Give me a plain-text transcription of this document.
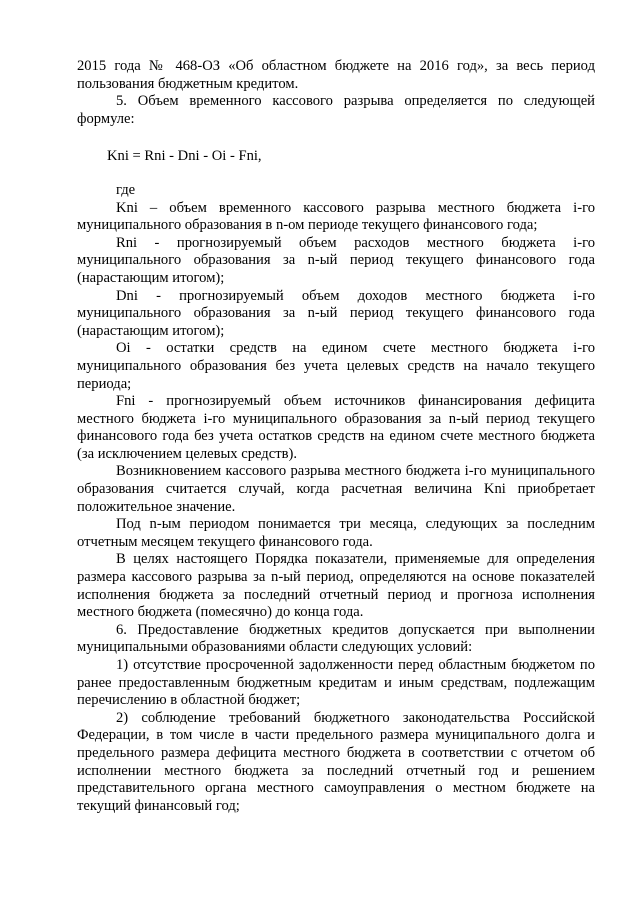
2015 года № 468-ОЗ «Об областном бюджете на 2016 год», за весь период пользования бюджетным кредитом.

5. Объем временного кассового разрыва определяется по следующей формуле:

Kni = Rni - Dni - Oi - Fni,

где

Kni – объем временного кассового разрыва местного бюджета i-го муниципального образования в n-ом периоде текущего финансового года;

Rni - прогнозируемый объем расходов местного бюджета i-го муниципального образования за n-ый период текущего финансового года (нарастающим итогом);

Dni - прогнозируемый объем доходов местного бюджета i-го муниципального образования за n-ый период текущего финансового года (нарастающим итогом);

Oi - остатки средств на едином счете местного бюджета i-го муниципального образования без учета целевых средств на начало текущего периода;

Fni - прогнозируемый объем источников финансирования дефицита местного бюджета i-го муниципального образования за n-ый период текущего финансового года без учета остатков средств на едином счете местного бюджета (за исключением целевых средств).

Возникновением кассового разрыва местного бюджета i-го муниципального образования считается случай, когда расчетная величина Kni приобретает положительное значение.

Под n-ым периодом понимается три месяца, следующих за последним отчетным месяцем текущего финансового года.

В целях настоящего Порядка показатели, применяемые для определения размера кассового разрыва за n-ый период, определяются на основе показателей исполнения бюджета за последний отчетный период и прогноза исполнения местного бюджета (помесячно) до конца года.

6. Предоставление бюджетных кредитов допускается при выполнении муниципальными образованиями области следующих условий:

1) отсутствие просроченной задолженности перед областным бюджетом по ранее предоставленным бюджетным кредитам и иным средствам, подлежащим перечислению в областной бюджет;

2) соблюдение требований бюджетного законодательства Российской Федерации, в том числе в части предельного размера муниципального долга и предельного размера дефицита местного бюджета в соответствии с отчетом об исполнении местного бюджета за последний отчетный год и решением представительного органа местного самоуправления о местном бюджете на текущий финансовый год;
